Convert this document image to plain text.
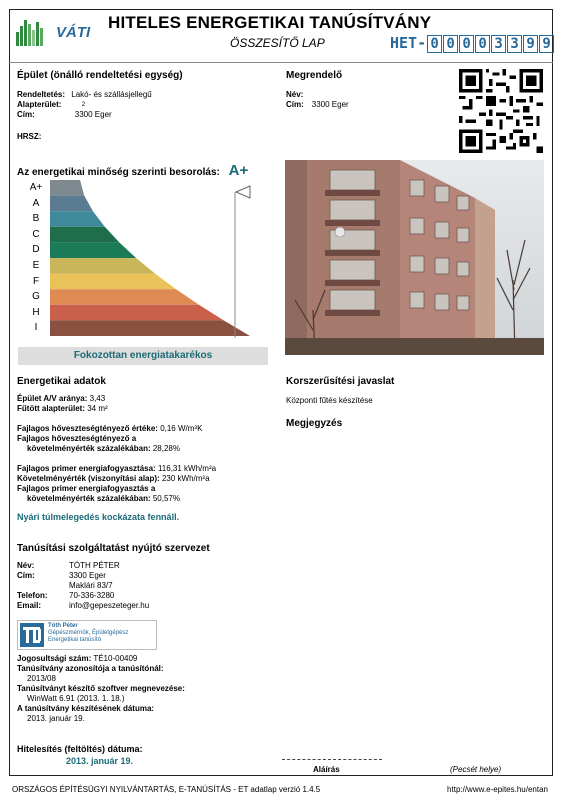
VÁTI
HITELES ENERGETIKAI TANÚSÍTVÁNY
ÖSSZESÍTŐ LAP	HET- 0 0 0 0 3 3 9 9
Épület (önálló rendeltetési egység)
Rendeltetés: Lakó- és szállásjellegű
Alapterület:	$^2$
Cím:	3300 Eger
HRSZ:
Megrendelő
Név:
Cím: 3300 Eger
Az energetikai minőség szerinti besorolás: A+
A+
A
B
C
D
E
F
G
H
I
Fokozottan energiatakarékos
Energetikai adatok
Épület A/V aránya: 3,43
Fűtött alapterület: 34 m²
Fajlagos hőveszteségtényező értéke: 0,16 W/m³K
Fajlagos hőveszteségtényező a
követelményérték százalékában: 28,28%
Fajlagos primer energiafogyasztása: 116,31 kWh/m²a
Követelményérték (viszonyítási alap): 230 kWh/m²a
Fajlagos primer energiafogyasztás a
követelményérték százalékában: 50,57%
Nyári túlmelegedés kockázata fennáll.
Korszerűsítési javaslat
Központi fűtés készítése
Megjegyzés
Tanúsítási szolgáltatást nyújtó szervezet
Név:	TÓTH PÉTER
Cím:	3300 Eger
Maklári 83/7
Telefon:	70-336-3280
Email:	info@gepeszeteger.hu
Tóth Péter
Gépészmérnök, Épületgépész
Energetikai tanúsító
Jogosultsági szám: TÉ10-00409
Tanúsítvány azonosítója a tanúsítónál:
2013/08
Tanúsítványt készítő szoftver megnevezése:
WinWatt 6.91 (2013. 1. 18.)
A tanúsítvány készítésének dátuma:
2013. január 19.
Hitelesítés (feltöltés) dátuma:
2013. január 19.
Aláírás	(Pecsét helye)
ORSZÁGOS ÉPÍTÉSÜGYI NYILVÁNTARTÁS, E-TANÚSÍTÁS - ET adatlap verzió 1.4.5	http://www.e-epites.hu/entan
